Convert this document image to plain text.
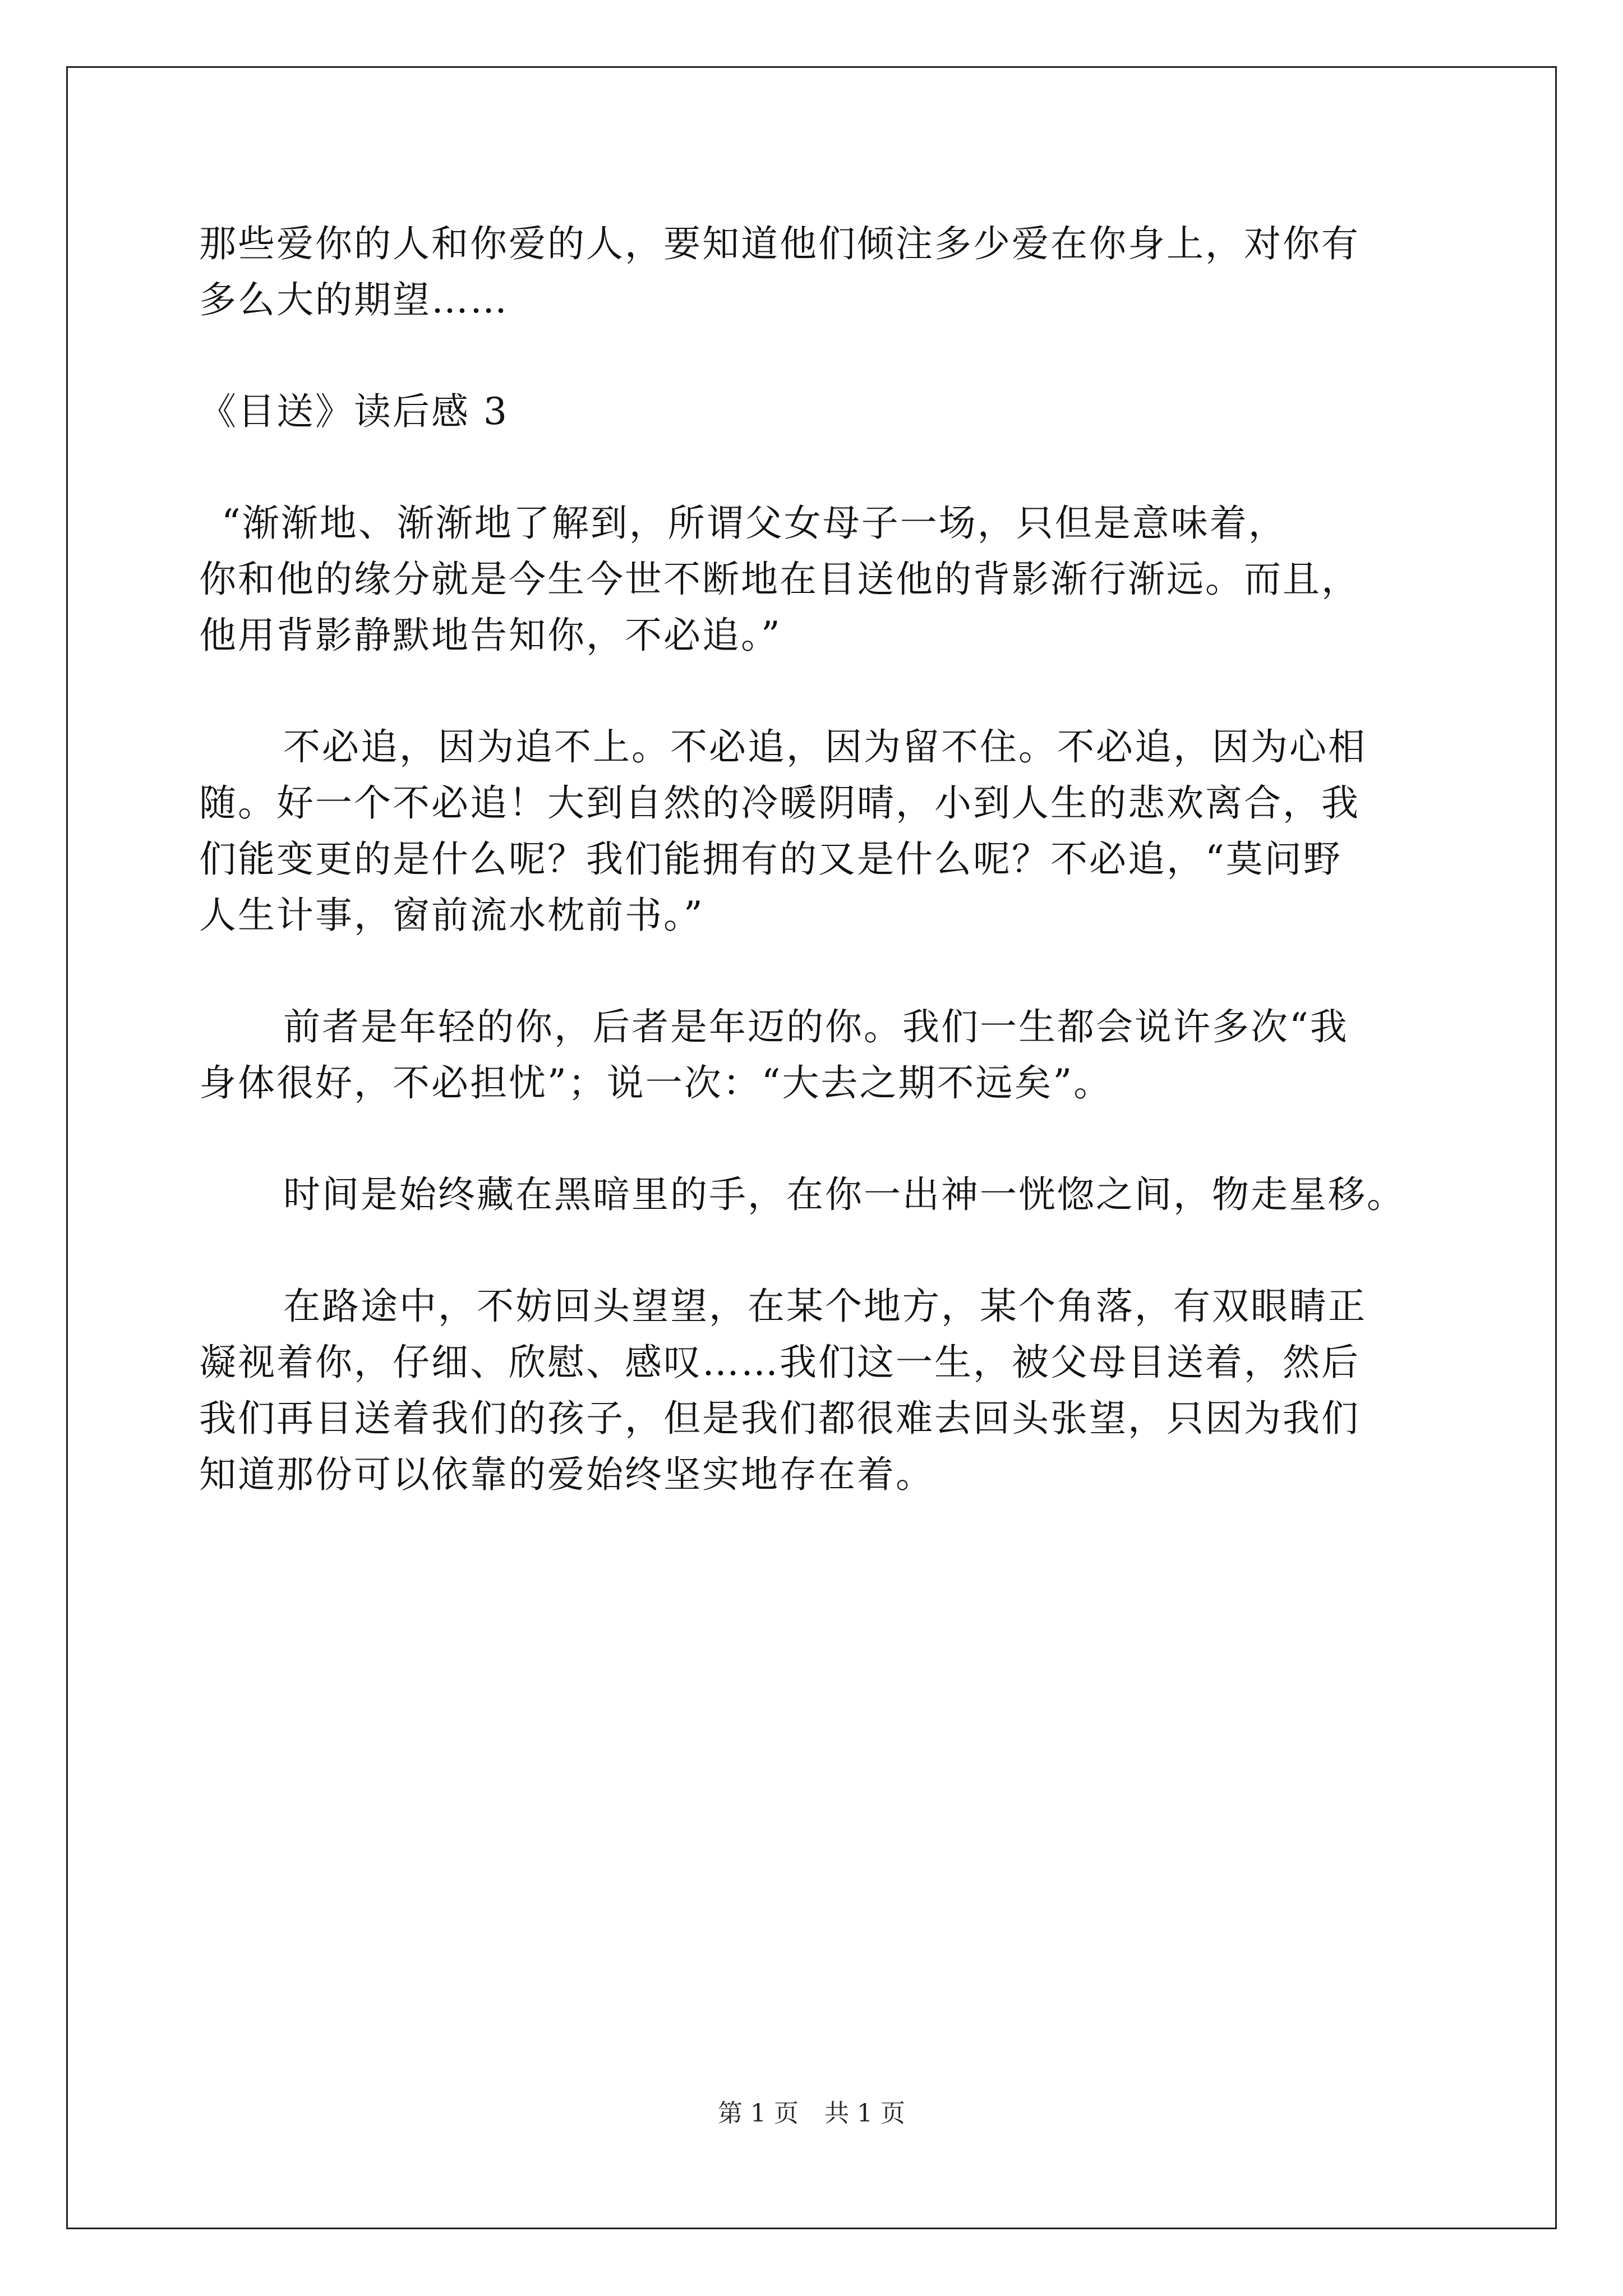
那些爱你的人和你爱的人，要知道他们倾注多少爱在你身上，对你有
多么大的期望……
《目送》读后感 3
“渐渐地、渐渐地了解到，所谓父女母子一场，只但是意味着，
你和他的缘分就是今生今世不断地在目送他的背影渐行渐远。而且，
他用背影静默地告知你，不必追。”
不必追，因为追不上。不必追，因为留不住。不必追，因为心相
随。好一个不必追！大到自然的冷暖阴晴，小到人生的悲欢离合，我
们能变更的是什么呢？我们能拥有的又是什么呢？不必追，“莫问野
人生计事，窗前流水枕前书。”
前者是年轻的你，后者是年迈的你。我们一生都会说许多次“我
身体很好，不必担忧”；说一次：“大去之期不远矣”。
时间是始终藏在黑暗里的手，在你一出神一恍惚之间，物走星移。
在路途中，不妨回头望望，在某个地方，某个角落，有双眼睛正
凝视着你，仔细、欣慰、感叹……我们这一生，被父母目送着，然后
我们再目送着我们的孩子，但是我们都很难去回头张望，只因为我们
知道那份可以依靠的爱始终坚实地存在着。
第 1 页 共 1 页
